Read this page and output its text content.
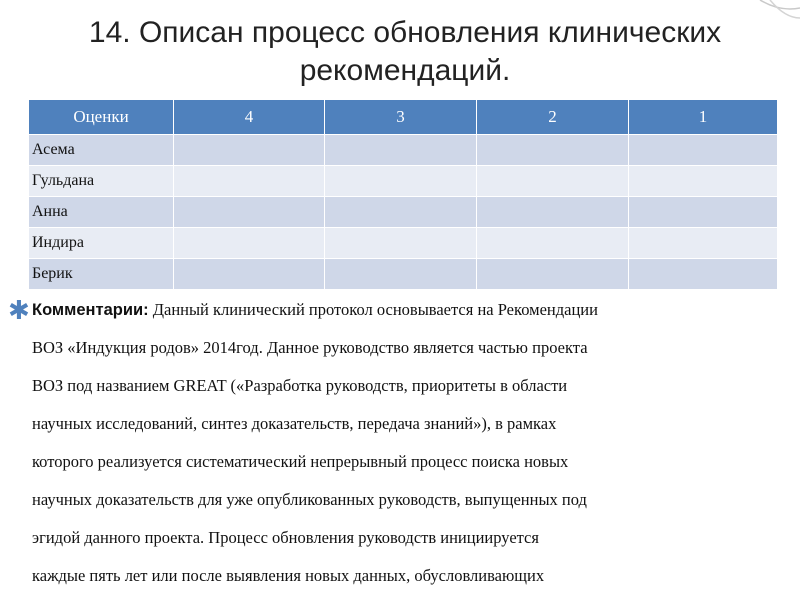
14. Описан процесс обновления клинических рекомендаций.
Оценки	4	3	2	1
Асема				
Гульдана				
Анна				
Индира				
Берик				
✱ Комментарии: Данный клинический протокол основывается на Рекомендации
ВОЗ «Индукция родов» 2014год. Данное руководство является частью проекта
ВОЗ под названием GREAT («Разработка руководств, приоритеты в области
научных исследований, синтез доказательств, передача знаний»), в рамках
которого реализуется систематический непрерывный процесс поиска новых
научных доказательств для уже опубликованных руководств, выпущенных под
эгидой данного проекта. Процесс обновления руководств инициируется
каждые пять лет или после выявления новых данных, обусловливающих
